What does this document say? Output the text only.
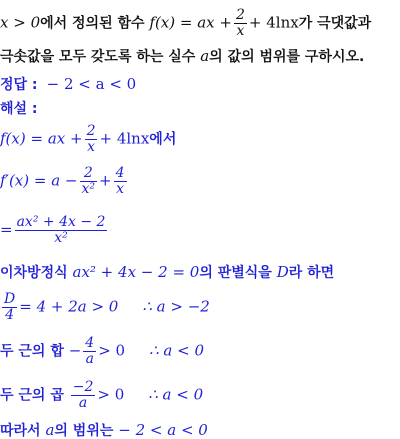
x > 0에서 정의된 함수 f(x) = ax + $\frac{2}{x} + 4\ln x$가 극댓값과
극솟값을 모두 갖도록 하는 실수 a의 값의 범위를 구하시오.
정답 : − 2 < a < 0
해설 :
f(x) = ax + $\frac{2}{x} + 4\ln x$에서
$f'(x) = a - \frac{2}{\text{x²}} + \frac{4}{x}$
= $\frac{\text{ax² + 4x − 2}}{\text{x²}}$
이차방정식 ax² + 4x − 2 = 0의 판별식을 D라 하면
$\frac{D}{4} = 4 + 2a > 0$ ∴ a > −2
두 근의 합 − $\frac{4}{a} > 0$ ∴ a < 0
두 근의 곱 $\frac{-2}{a} > 0$ ∴ a < 0
따라서 a의 범위는 − 2 < a < 0
